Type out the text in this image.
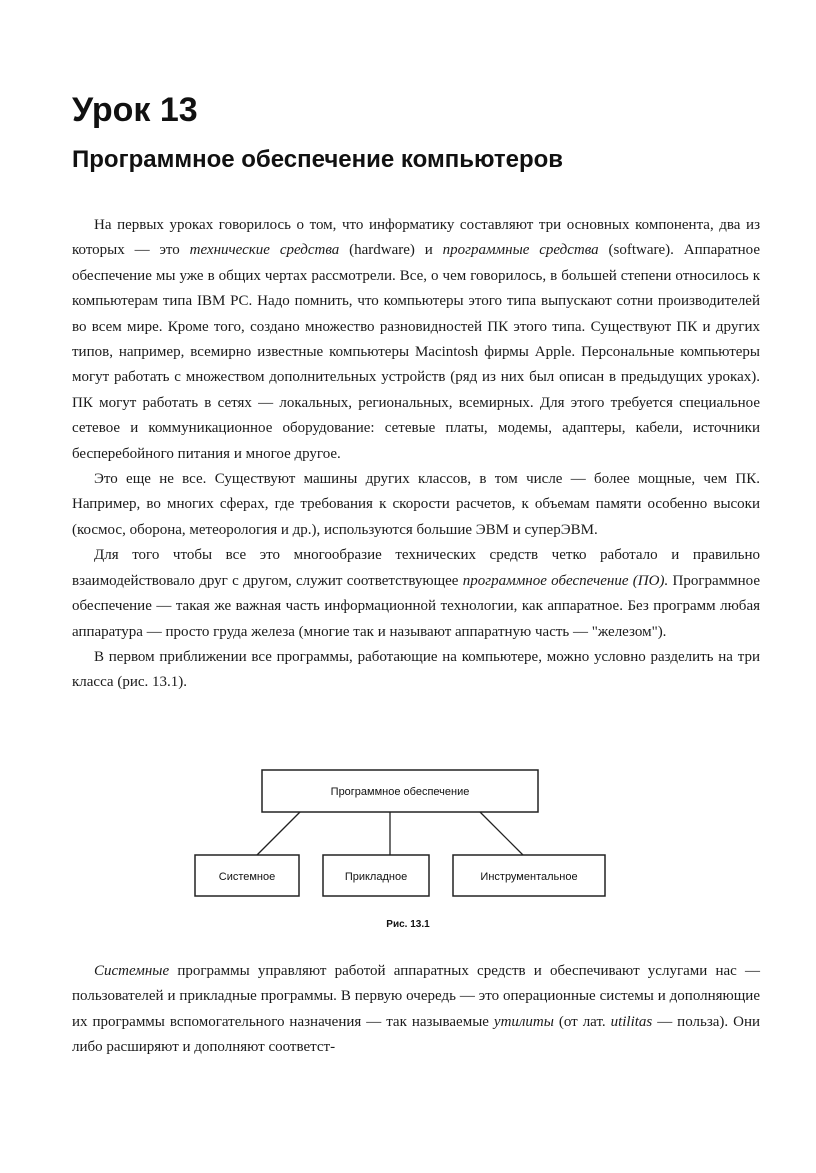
Урок 13
Программное обеспечение компьютеров

На первых уроках говорилось о том, что информатику составляют три основных компонента, два из которых — это технические средства (hardware) и программные средства (software). Аппаратное обеспечение мы уже в общих чертах рассмотрели. Все, о чем говорилось, в большей степени относилось к компьютерам типа IBM PC. Надо помнить, что компьютеры этого типа выпускают сотни производителей во всем мире. Кроме того, создано множество разновидностей ПК этого типа. Существуют ПК и других типов, например, всемирно известные компьютеры Macintosh фирмы Apple. Персональные компьютеры могут работать с множеством дополнительных устройств (ряд из них был описан в предыдущих уроках). ПК могут работать в сетях — локальных, региональных, всемирных. Для этого требуется специальное сетевое и коммуникационное оборудование: сетевые платы, модемы, адаптеры, кабели, источники бесперебойного питания и многое другое.

Это еще не все. Существуют машины других классов, в том числе — более мощные, чем ПК. Например, во многих сферах, где требования к скорости расчетов, к объемам памяти особенно высоки (космос, оборона, метеорология и др.), используются большие ЭВМ и суперЭВМ.

Для того чтобы все это многообразие технических средств четко работало и правильно взаимодействовало друг с другом, служит соответствующее программное обеспечение (ПО). Программное обеспечение — такая же важная часть информационной технологии, как аппаратное. Без программ любая аппаратура — просто груда железа (многие так и называют аппаратную часть — "железом").

В первом приближении все программы, работающие на компьютере, можно условно разделить на три класса (рис. 13.1).

Программное обеспечение
Системное	Прикладное	Инструментальное
Рис. 13.1

Системные программы управляют работой аппаратных средств и обеспечивают услугами нас — пользователей и прикладные программы. В первую очередь — это операционные системы и дополняющие их программы вспомогательного назначения — так называемые утилиты (от лат. utilitas — польза). Они либо расширяют и дополняют соответст-
